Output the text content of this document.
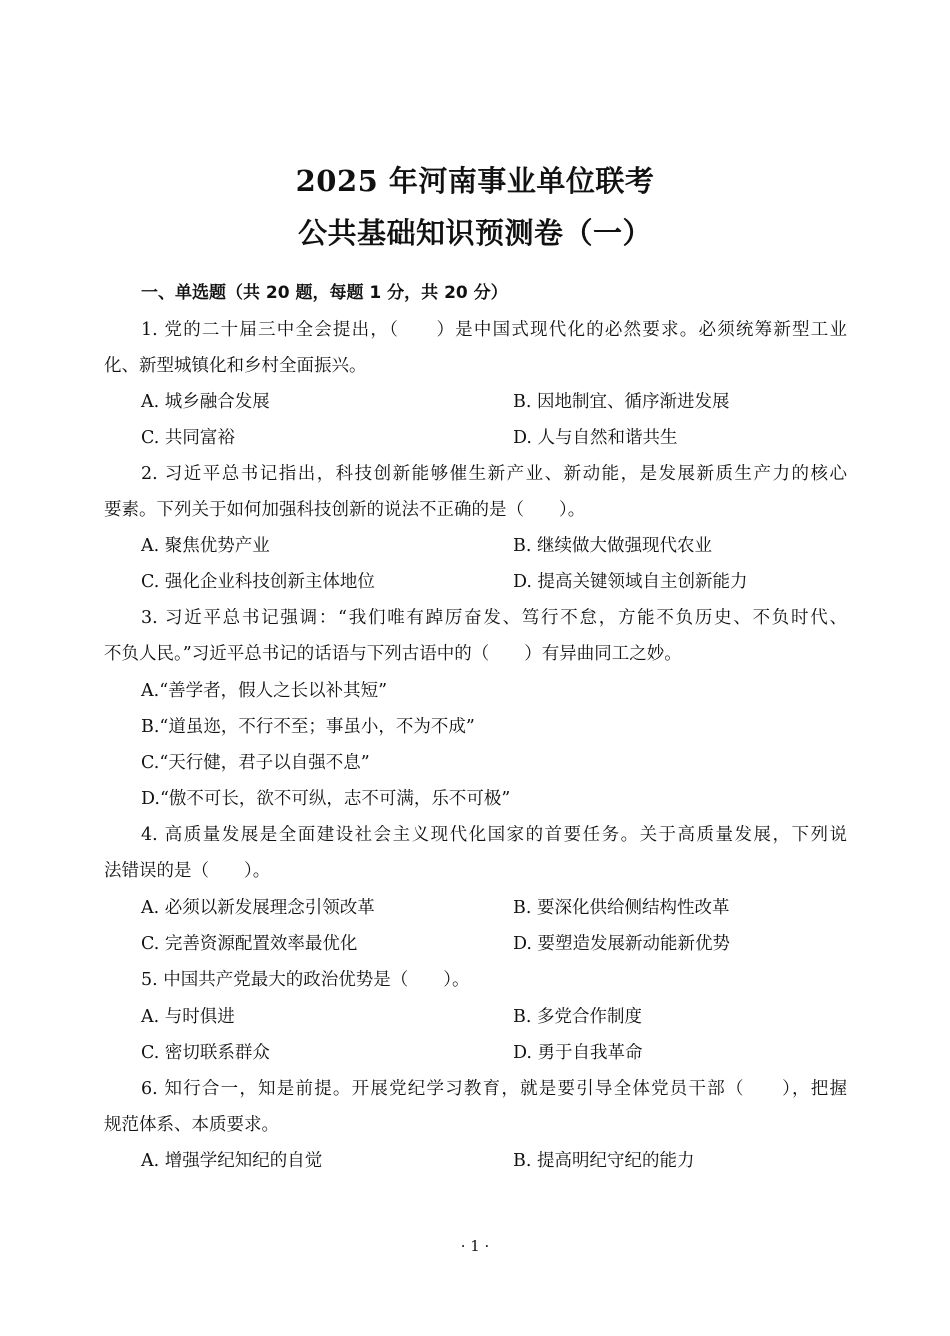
2025 年河南事业单位联考
公共基础知识预测卷（一）
一、单选题（共 20 题，每题 1 分，共 20 分）
1. 党的二十届三中全会提出，（　　）是中国式现代化的必然要求。必须统筹新型工业
化、新型城镇化和乡村全面振兴。
A. 城乡融合发展	B. 因地制宜、循序渐进发展
C. 共同富裕	D. 人与自然和谐共生
2. 习近平总书记指出，科技创新能够催生新产业、新动能，是发展新质生产力的核心
要素。下列关于如何加强科技创新的说法不正确的是（　　）。
A. 聚焦优势产业	B. 继续做大做强现代农业
C. 强化企业科技创新主体地位	D. 提高关键领域自主创新能力
3. 习近平总书记强调：“我们唯有踔厉奋发、笃行不怠，方能不负历史、不负时代、
不负人民。”习近平总书记的话语与下列古语中的（　　）有异曲同工之妙。
A.“善学者，假人之长以补其短”
B.“道虽迩，不行不至；事虽小，不为不成”
C.“天行健，君子以自强不息”
D.“傲不可长，欲不可纵，志不可满，乐不可极”
4. 高质量发展是全面建设社会主义现代化国家的首要任务。关于高质量发展，下列说
法错误的是（　　）。
A. 必须以新发展理念引领改革	B. 要深化供给侧结构性改革
C. 完善资源配置效率最优化	D. 要塑造发展新动能新优势
5. 中国共产党最大的政治优势是（　　）。
A. 与时俱进	B. 多党合作制度
C. 密切联系群众	D. 勇于自我革命
6. 知行合一，知是前提。开展党纪学习教育，就是要引导全体党员干部（　　），把握
规范体系、本质要求。
A. 增强学纪知纪的自觉	B. 提高明纪守纪的能力
· 1 ·
